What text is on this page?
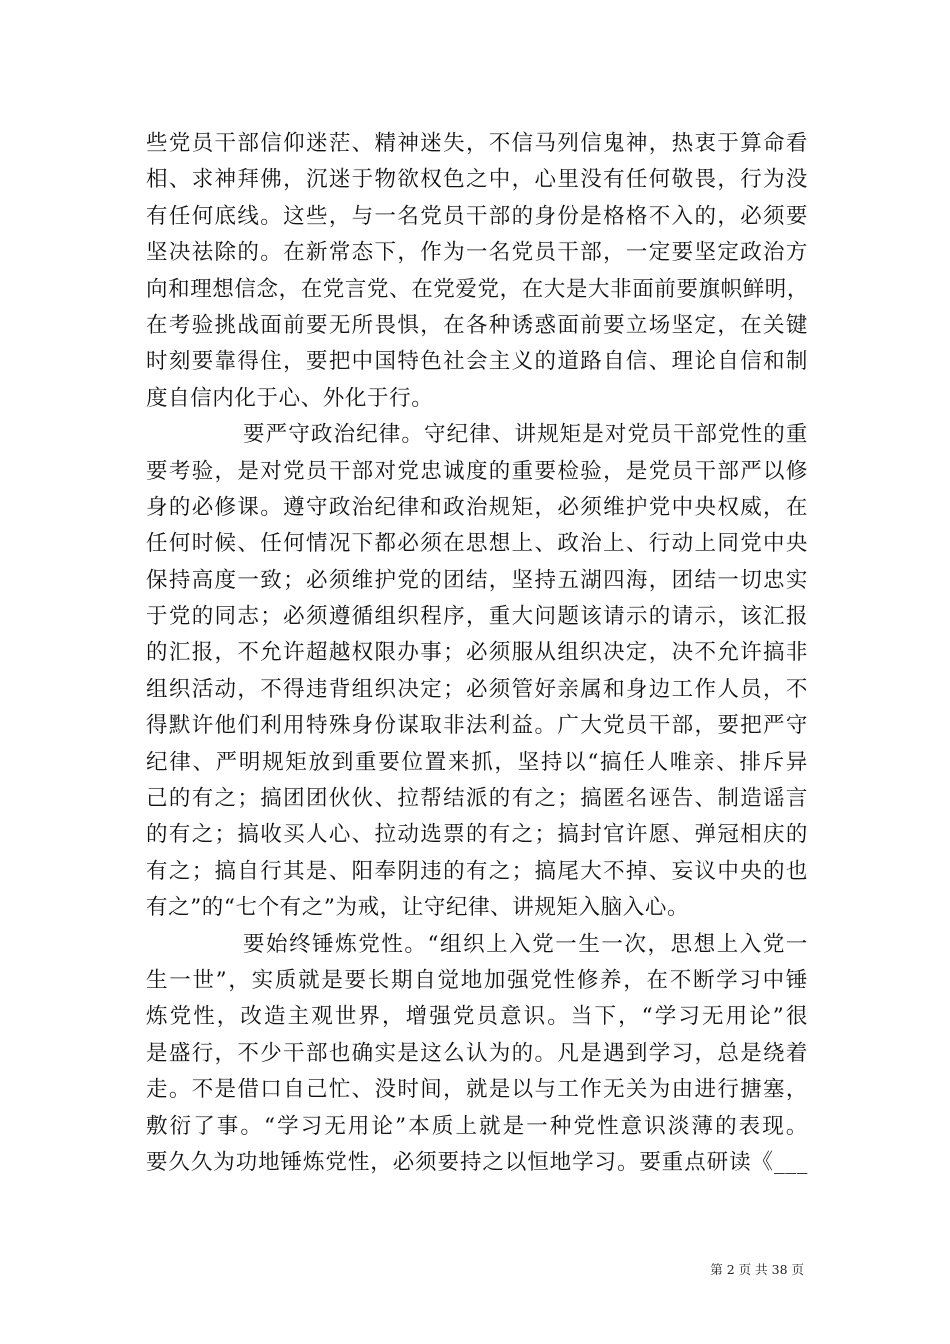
些党员干部信仰迷茫、精神迷失，不信马列信鬼神，热衷于算命看
相、求神拜佛，沉迷于物欲权色之中，心里没有任何敬畏，行为没
有任何底线。这些，与一名党员干部的身份是格格不入的，必须要
坚决祛除的。在新常态下，作为一名党员干部，一定要坚定政治方
向和理想信念，在党言党、在党爱党，在大是大非面前要旗帜鲜明，
在考验挑战面前要无所畏惧，在各种诱惑面前要立场坚定，在关键
时刻要靠得住，要把中国特色社会主义的道路自信、理论自信和制
度自信内化于心、外化于行。
要严守政治纪律。守纪律、讲规矩是对党员干部党性的重
要考验，是对党员干部对党忠诚度的重要检验，是党员干部严以修
身的必修课。遵守政治纪律和政治规矩，必须维护党中央权威，在
任何时候、任何情况下都必须在思想上、政治上、行动上同党中央
保持高度一致；必须维护党的团结，坚持五湖四海，团结一切忠实
于党的同志；必须遵循组织程序，重大问题该请示的请示，该汇报
的汇报，不允许超越权限办事；必须服从组织决定，决不允许搞非
组织活动，不得违背组织决定；必须管好亲属和身边工作人员，不
得默许他们利用特殊身份谋取非法利益。广大党员干部，要把严守
纪律、严明规矩放到重要位置来抓，坚持以“搞任人唯亲、排斥异
己的有之；搞团团伙伙、拉帮结派的有之；搞匿名诬告、制造谣言
的有之；搞收买人心、拉动选票的有之；搞封官许愿、弹冠相庆的
有之；搞自行其是、阳奉阴违的有之；搞尾大不掉、妄议中央的也
有之”的“七个有之”为戒，让守纪律、讲规矩入脑入心。
要始终锤炼党性。“组织上入党一生一次，思想上入党一
生一世”，实质就是要长期自觉地加强党性修养，在不断学习中锤
炼党性，改造主观世界，增强党员意识。当下，“学习无用论”很
是盛行，不少干部也确实是这么认为的。凡是遇到学习，总是绕着
走。不是借口自己忙、没时间，就是以与工作无关为由进行搪塞，
敷衍了事。“学习无用论”本质上就是一种党性意识淡薄的表现。
要久久为功地锤炼党性，必须要持之以恒地学习。要重点研读《___
第 2 页 共 38 页
